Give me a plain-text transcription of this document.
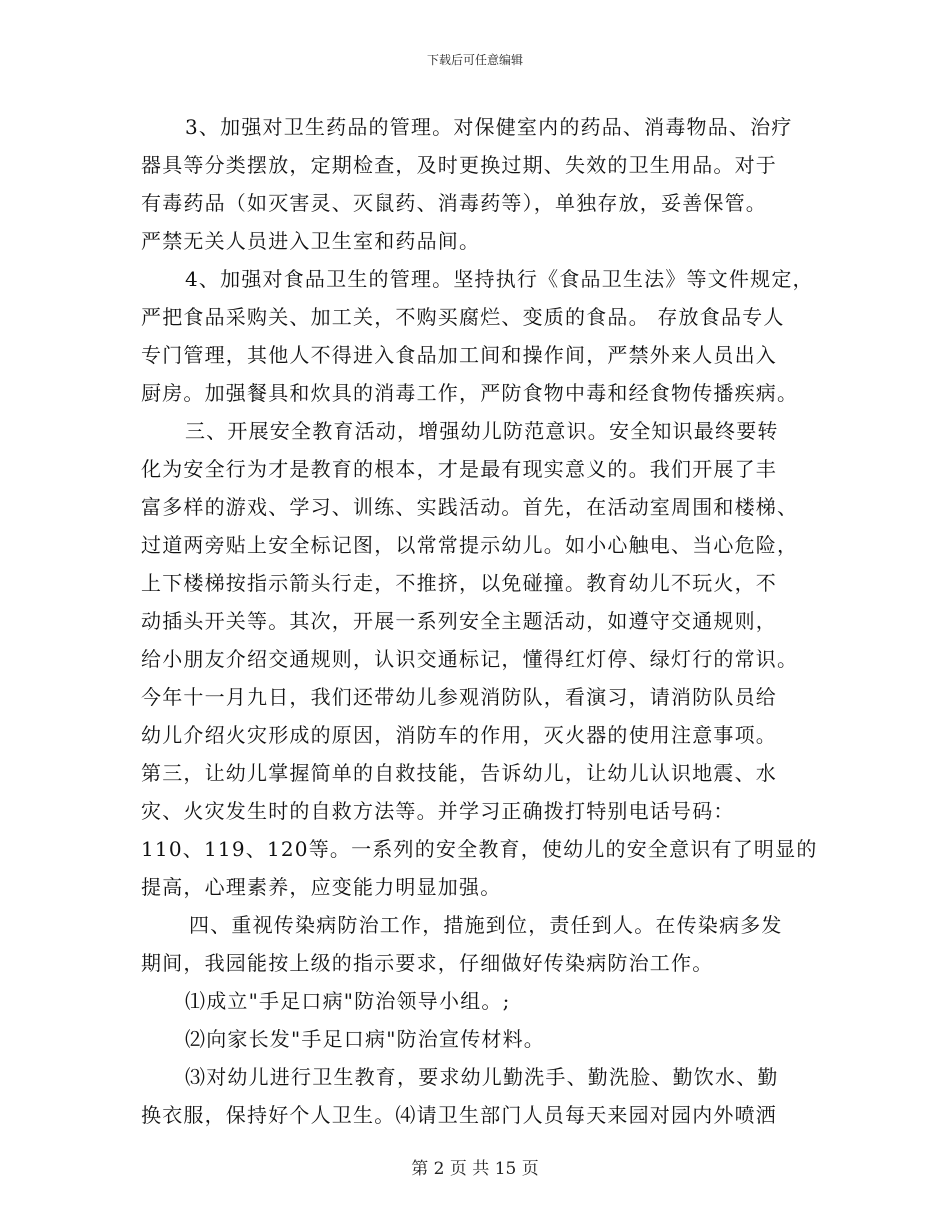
下载后可任意编辑
3、加强对卫生药品的管理。对保健室内的药品、消毒物品、治疗
器具等分类摆放，定期检查，及时更换过期、失效的卫生用品。对于
有毒药品（如灭害灵、灭鼠药、消毒药等），单独存放，妥善保管。
严禁无关人员进入卫生室和药品间。
4、加强对食品卫生的管理。坚持执行《食品卫生法》等文件规定，
严把食品采购关、加工关，不购买腐烂、变质的食品。 存放食品专人
专门管理，其他人不得进入食品加工间和操作间，严禁外来人员出入
厨房。加强餐具和炊具的消毒工作，严防食物中毒和经食物传播疾病。
三、开展安全教育活动，增强幼儿防范意识。安全知识最终要转
化为安全行为才是教育的根本，才是最有现实意义的。我们开展了丰
富多样的游戏、学习、训练、实践活动。首先，在活动室周围和楼梯、
过道两旁贴上安全标记图，以常常提示幼儿。如小心触电、当心危险，
上下楼梯按指示箭头行走，不推挤，以免碰撞。教育幼儿不玩火，不
动插头开关等。其次，开展一系列安全主题活动，如遵守交通规则，
给小朋友介绍交通规则，认识交通标记，懂得红灯停、绿灯行的常识。
今年十一月九日，我们还带幼儿参观消防队，看演习，请消防队员给
幼儿介绍火灾形成的原因，消防车的作用，灭火器的使用注意事项。
第三，让幼儿掌握简单的自救技能，告诉幼儿，让幼儿认识地震、水
灾、火灾发生时的自救方法等。并学习正确拨打特别电话号码：
110、119、120等。一系列的安全教育，使幼儿的安全意识有了明显的
提高，心理素养，应变能力明显加强。
四、重视传染病防治工作，措施到位，责任到人。在传染病多发
期间，我园能按上级的指示要求，仔细做好传染病防治工作。
⑴成立"手足口病"防治领导小组。;
⑵向家长发"手足口病"防治宣传材料。
⑶对幼儿进行卫生教育，要求幼儿勤洗手、勤洗脸、勤饮水、勤
换衣服，保持好个人卫生。⑷请卫生部门人员每天来园对园内外喷洒
第 2 页 共 15 页
